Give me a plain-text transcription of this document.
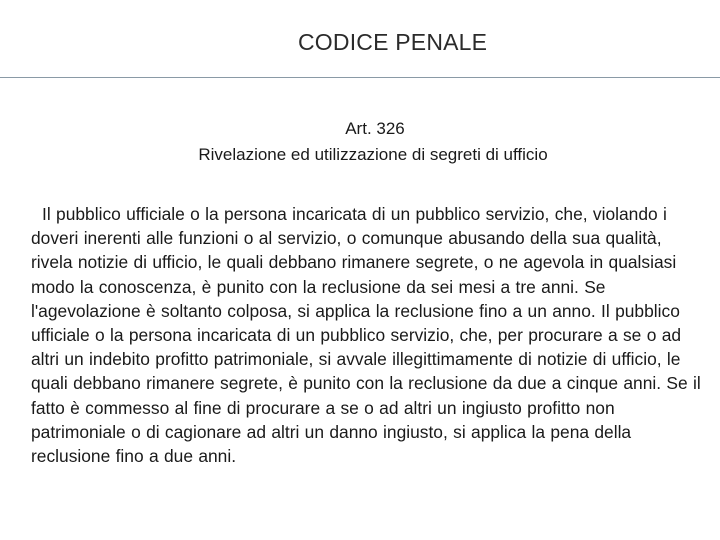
CODICE PENALE
Art. 326
Rivelazione ed utilizzazione di segreti di ufficio
Il pubblico ufficiale o la persona incaricata di un pubblico servizio, che, violando i doveri inerenti alle funzioni o al servizio, o comunque abusando della sua qualità, rivela notizie di ufficio, le quali debbano rimanere segrete, o ne agevola in qualsiasi modo la conoscenza, è punito con la reclusione da sei mesi a tre anni. Se l'agevolazione è soltanto colposa, si applica la reclusione fino a un anno. Il pubblico ufficiale o la persona incaricata di un pubblico servizio, che, per procurare a se o ad altri un indebito profitto patrimoniale, si avvale illegittimamente di notizie di ufficio, le quali debbano rimanere segrete, è punito con la reclusione da due a cinque anni. Se il fatto è commesso al fine di procurare a se o ad altri un ingiusto profitto non patrimoniale o di cagionare ad altri un danno ingiusto, si applica la pena della reclusione fino a due anni.
